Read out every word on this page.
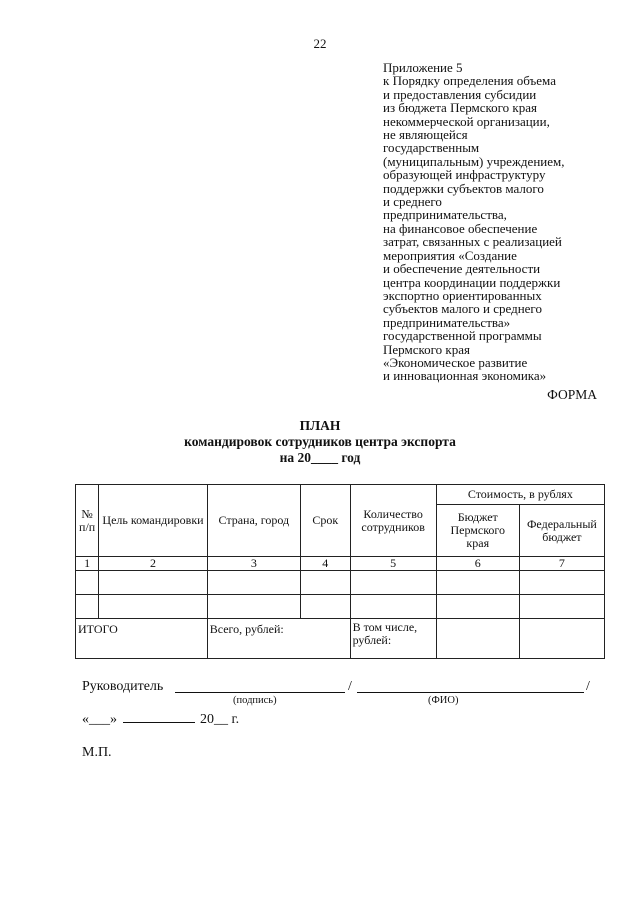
22
Приложение 5
к Порядку определения объема
и предоставления субсидии
из бюджета Пермского края
некоммерческой организации,
не являющейся
государственным
(муниципальным) учреждением,
образующей инфраструктуру
поддержки субъектов малого
и среднего
предпринимательства,
на финансовое обеспечение
затрат, связанных с реализацией
мероприятия «Создание
и обеспечение деятельности
центра координации поддержки
экспортно ориентированных
субъектов малого и среднего
предпринимательства»
государственной программы
Пермского края
«Экономическое развитие
и инновационная экономика»
ФОРМА
ПЛАН
командировок сотрудников центра экспорта
на 20____ год
№ п/п	Цель командировки	Страна, город	Срок	Количество сотрудников	Стоимость, в рублях	
					Бюджет Пермского края	Федеральный бюджет
1	2	3	4	5	6	7

ИТОГО		Всего, рублей:		В том числе, рублей:		
Руководитель	/	/
(подпись)	(ФИО)
«___»	20__ г.
М.П.
